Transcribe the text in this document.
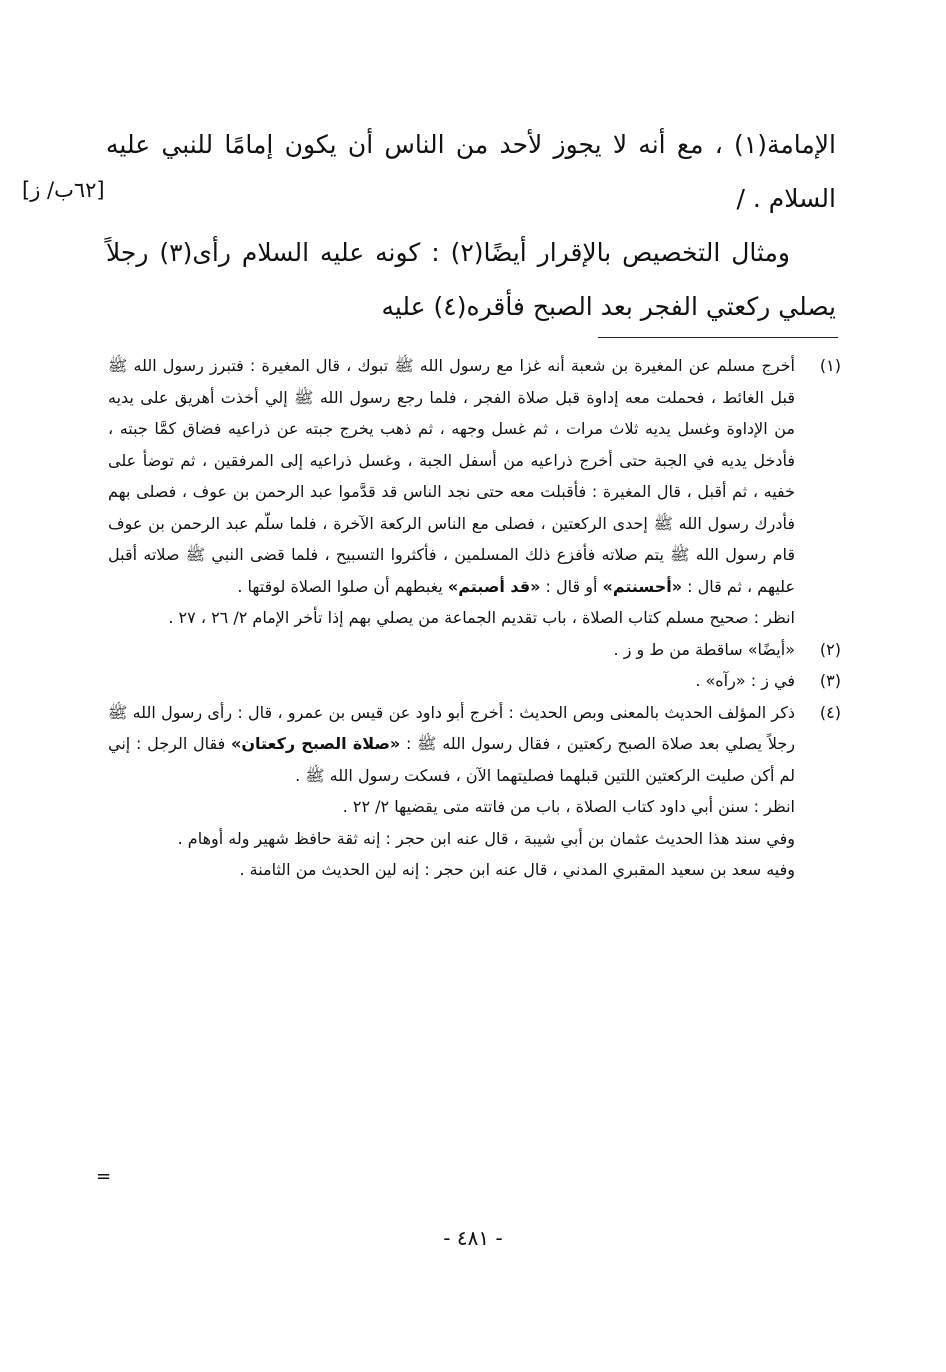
[٦٢ب/ ز]

الإمامة(١) ، مع أنه لا يجوز لأحد من الناس أن يكون إمامًا للنبي عليه السلام . /

ومثال التخصيص بالإقرار أيضًا(٢) : كونه عليه السلام رأى(٣) رجلاً يصلي ركعتي الفجر بعد الصبح فأقره(٤) عليه

(١)

أخرج مسلم عن المغيرة بن شعبة أنه غزا مع رسول الله ﷺ تبوك ، قال المغيرة : فتبرز رسول الله ﷺ قبل الغائط ، فحملت معه إداوة قبل صلاة الفجر ، فلما رجع رسول الله ﷺ إلي أخذت أهريق على يديه من الإداوة وغسل يديه ثلاث مرات ، ثم غسل وجهه ، ثم ذهب يخرج جبته عن ذراعيه فضاق كمَّا جبته ، فأدخل يديه في الجبة حتى أخرج ذراعيه من أسفل الجبة ، وغسل ذراعيه إلى المرفقين ، ثم توضأ على خفيه ، ثم أقبل ، قال المغيرة : فأقبلت معه حتى نجد الناس قد قدَّموا عبد الرحمن بن عوف ، فصلى بهم فأدرك رسول الله ﷺ إحدى الركعتين ، فصلى مع الناس الركعة الآخرة ، فلما سلّم عبد الرحمن بن عوف قام رسول الله ﷺ يتم صلاته فأفزع ذلك المسلمين ، فأكثروا التسبيح ، فلما قضى النبي ﷺ صلاته أقبل عليهم ، ثم قال : «أحسنتم» أو قال : «قد أصبتم» يغبطهم أن صلوا الصلاة لوقتها .

انظر : صحيح مسلم كتاب الصلاة ، باب تقديم الجماعة من يصلي بهم إذا تأخر الإمام ٢/ ٢٦ ، ٢٧ .

(٢)

«أيضًا» ساقطة من ط و ز .

(٣)

في ز : «رآه» .

(٤)

ذكر المؤلف الحديث بالمعنى وبص الحديث : أخرج أبو داود عن قيس بن عمرو ، قال : رأى رسول الله ﷺ رجلاً يصلي بعد صلاة الصبح ركعتين ، فقال رسول الله ﷺ : «صلاة الصبح ركعتان» فقال الرجل : إني لم أكن صليت الركعتين اللتين قبلهما فصليتهما الآن ، فسكت رسول الله ﷺ .

انظر : سنن أبي داود كتاب الصلاة ، باب من فاتته متى يقضيها ٢/ ٢٢ .

وفي سند هذا الحديث عثمان بن أبي شيبة ، قال عنه ابن حجر : إنه ثقة حافظ شهير وله أوهام .

وفيه سعد بن سعيد المقبري المدني ، قال عنه ابن حجر : إنه لين الحديث من الثامنة .

=
- ٤٨١ -
